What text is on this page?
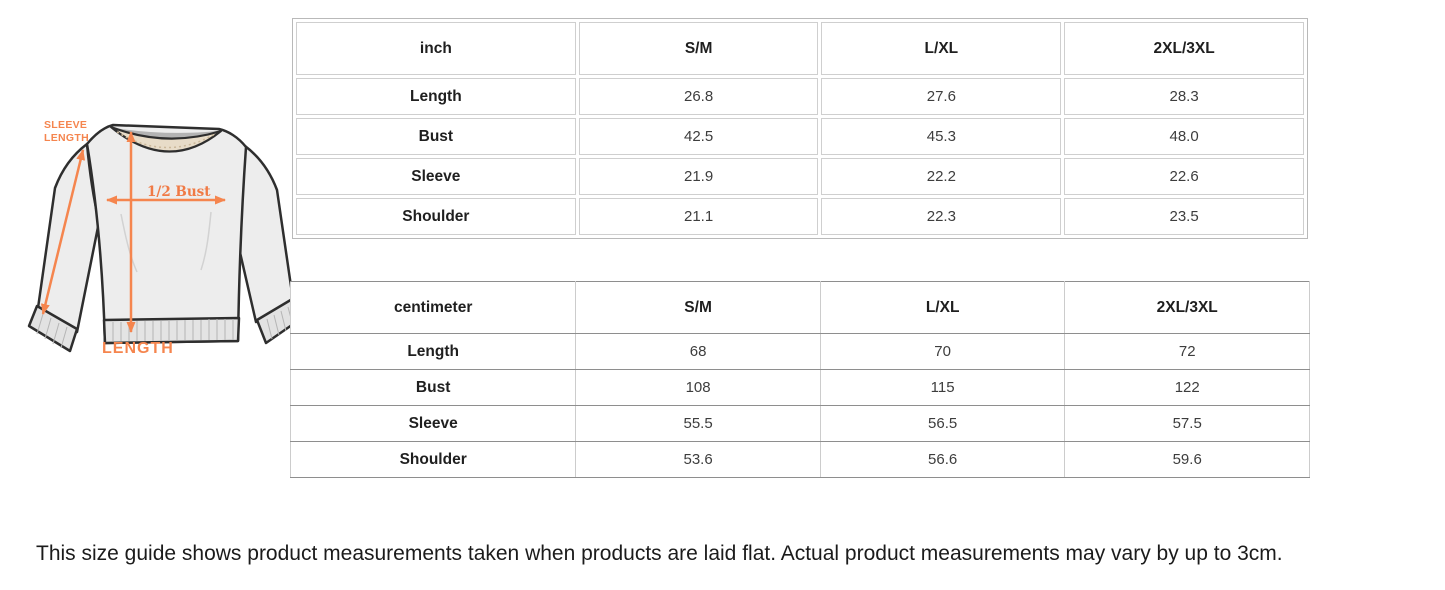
SLEEVE LENGTH
1/2 Bust
LENGTH
inch	S/M	L/XL	2XL/3XL
Length	26.8	27.6	28.3
Bust	42.5	45.3	48.0
Sleeve	21.9	22.2	22.6
Shoulder	21.1	22.3	23.5
centimeter	S/M	L/XL	2XL/3XL
Length	68	70	72
Bust	108	115	122
Sleeve	55.5	56.5	57.5
Shoulder	53.6	56.6	59.6
This size guide shows product measurements taken when products are laid flat. Actual product measurements may vary by up to 3cm.
